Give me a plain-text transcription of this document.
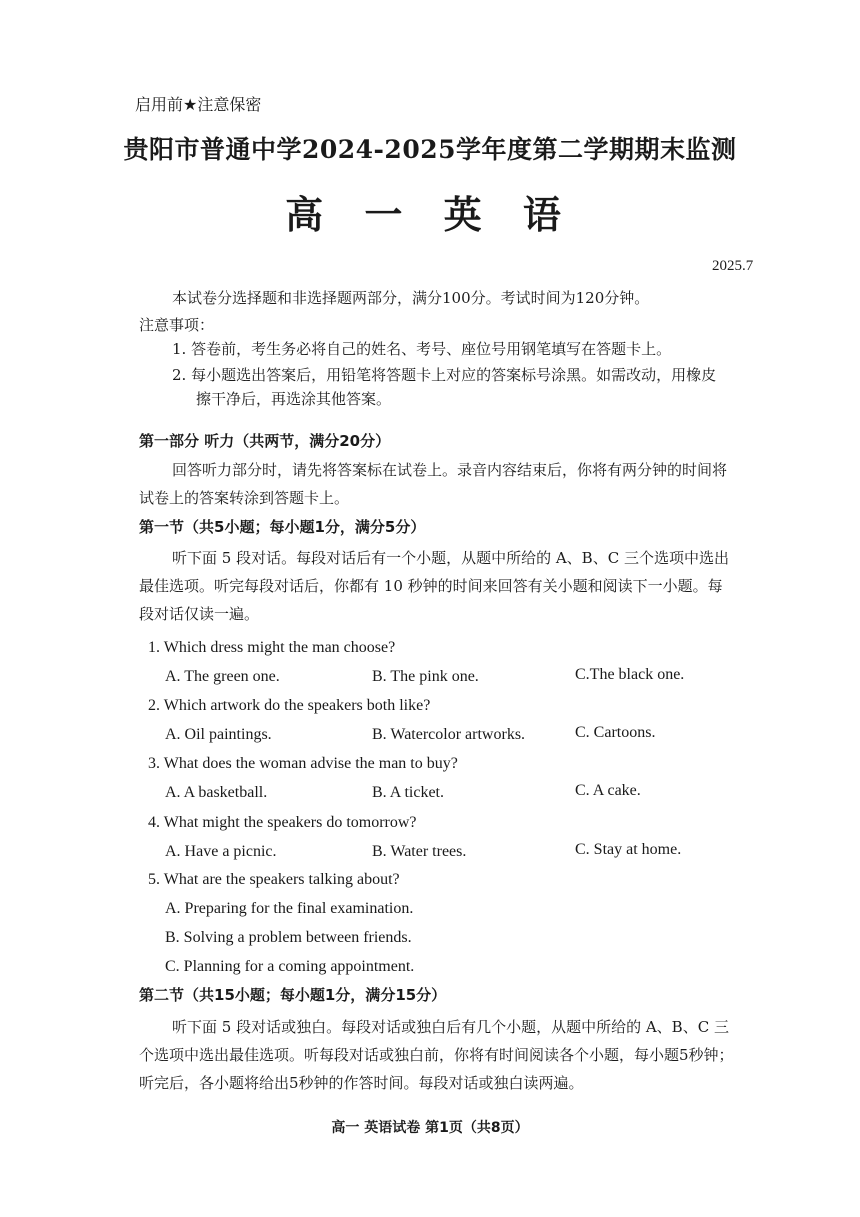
启用前★注意保密
贵阳市普通中学2024-2025学年度第二学期期末监测
高 一 英 语
2025.7
本试卷分选择题和非选择题两部分，满分100分。考试时间为120分钟。
注意事项：
1. 答卷前，考生务必将自己的姓名、考号、座位号用钢笔填写在答题卡上。
2. 每小题选出答案后，用铅笔将答题卡上对应的答案标号涂黑。如需改动，用橡皮
擦干净后，再选涂其他答案。
第一部分 听力（共两节，满分20分）
回答听力部分时，请先将答案标在试卷上。录音内容结束后，你将有两分钟的时间将
试卷上的答案转涂到答题卡上。
第一节（共5小题；每小题1分，满分5分）
听下面 5 段对话。每段对话后有一个小题，从题中所给的 A、B、C 三个选项中选出
最佳选项。听完每段对话后，你都有 10 秒钟的时间来回答有关小题和阅读下一小题。每
段对话仅读一遍。
1. Which dress might the man choose?
A. The green one.	B. The pink one.	C.The black one.
2. Which artwork do the speakers both like?
A. Oil paintings.	B. Watercolor artworks.	C. Cartoons.
3. What does the woman advise the man to buy?
A. A basketball.	B. A ticket.	C. A cake.
4. What might the speakers do tomorrow?
A. Have a picnic.	B. Water trees.	C. Stay at home.
5. What are the speakers talking about?
A. Preparing for the final examination.
B. Solving a problem between friends.
C. Planning for a coming appointment.
第二节（共15小题；每小题1分，满分15分）
听下面 5 段对话或独白。每段对话或独白后有几个小题，从题中所给的 A、B、C 三
个选项中选出最佳选项。听每段对话或独白前，你将有时间阅读各个小题，每小题5秒钟；
听完后，各小题将给出5秒钟的作答时间。每段对话或独白读两遍。
高一 英语试卷 第1页（共8页）
